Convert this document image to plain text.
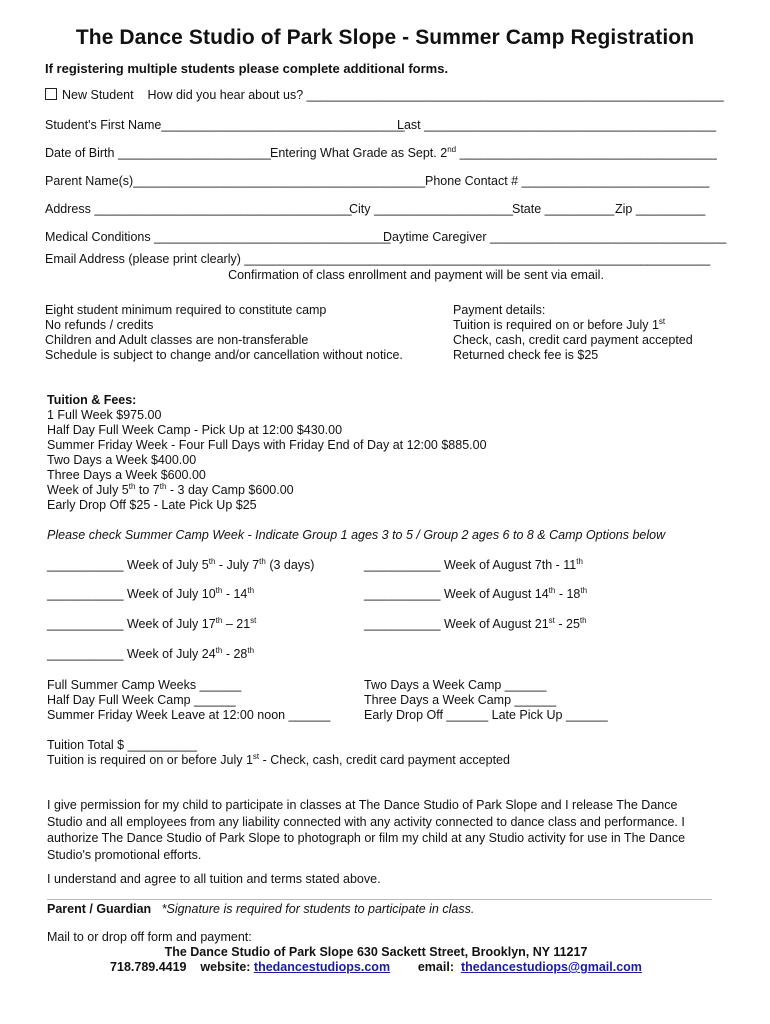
The Dance Studio of Park Slope - Summer Camp Registration
If registering multiple students please complete additional forms.
New Student How did you hear about us? ____________________________________________________________
Student's First Name___________________________________
Last __________________________________________
Date of Birth ______________________ Entering What Grade as Sept. 2nd _____________________________________
Parent Name(s)__________________________________________ Phone Contact # ___________________________
Address _____________________________________
City ____________________
State __________ Zip __________
Medical Conditions __________________________________
Daytime Caregiver __________________________________
Email Address (please print clearly) ___________________________________________________________________
Confirmation of class enrollment and payment will be sent via email.
Eight student minimum required to constitute camp
No refunds / credits
Children and Adult classes are non-transferable
Schedule is subject to change and/or cancellation without notice.
Payment details:
Tuition is required on or before July 1st
Check, cash, credit card payment accepted
Returned check fee is $25
Tuition & Fees:
1 Full Week $975.00
Half Day Full Week Camp - Pick Up at 12:00 $430.00
Summer Friday Week - Four Full Days with Friday End of Day at 12:00 $885.00
Two Days a Week $400.00
Three Days a Week $600.00
Week of July 5th to 7th - 3 day Camp $600.00
Early Drop Off $25 - Late Pick Up $25
Please check Summer Camp Week - Indicate Group 1 ages 3 to 5 / Group 2 ages 6 to 8 & Camp Options below
___________ Week of July 5th - July 7th (3 days)
___________ Week of July 10th - 14th
___________ Week of July 17th – 21st
___________ Week of July 24th - 28th
___________ Week of August 7th - 11th
___________ Week of August 14th - 18th
___________ Week of August 21st - 25th
Full Summer Camp Weeks ______
Half Day Full Week Camp ______
Summer Friday Week Leave at 12:00 noon ______
Two Days a Week Camp ______
Three Days a Week Camp ______
Early Drop Off ______ Late Pick Up ______
Tuition Total $ __________
Tuition is required on or before July 1st - Check, cash, credit card payment accepted
I give permission for my child to participate in classes at The Dance Studio of Park Slope and I release The Dance Studio and all employees from any liability connected with any activity connected to dance class and performance. I authorize The Dance Studio of Park Slope to photograph or film my child at any Studio activity for use in The Dance Studio's promotional efforts.
I understand and agree to all tuition and terms stated above.
Parent / Guardian *Signature is required for students to participate in class.
Mail to or drop off form and payment:
The Dance Studio of Park Slope 630 Sackett Street, Brooklyn, NY 11217
718.789.4419 website: thedancestudiops.com email: thedancestudiops@gmail.com
